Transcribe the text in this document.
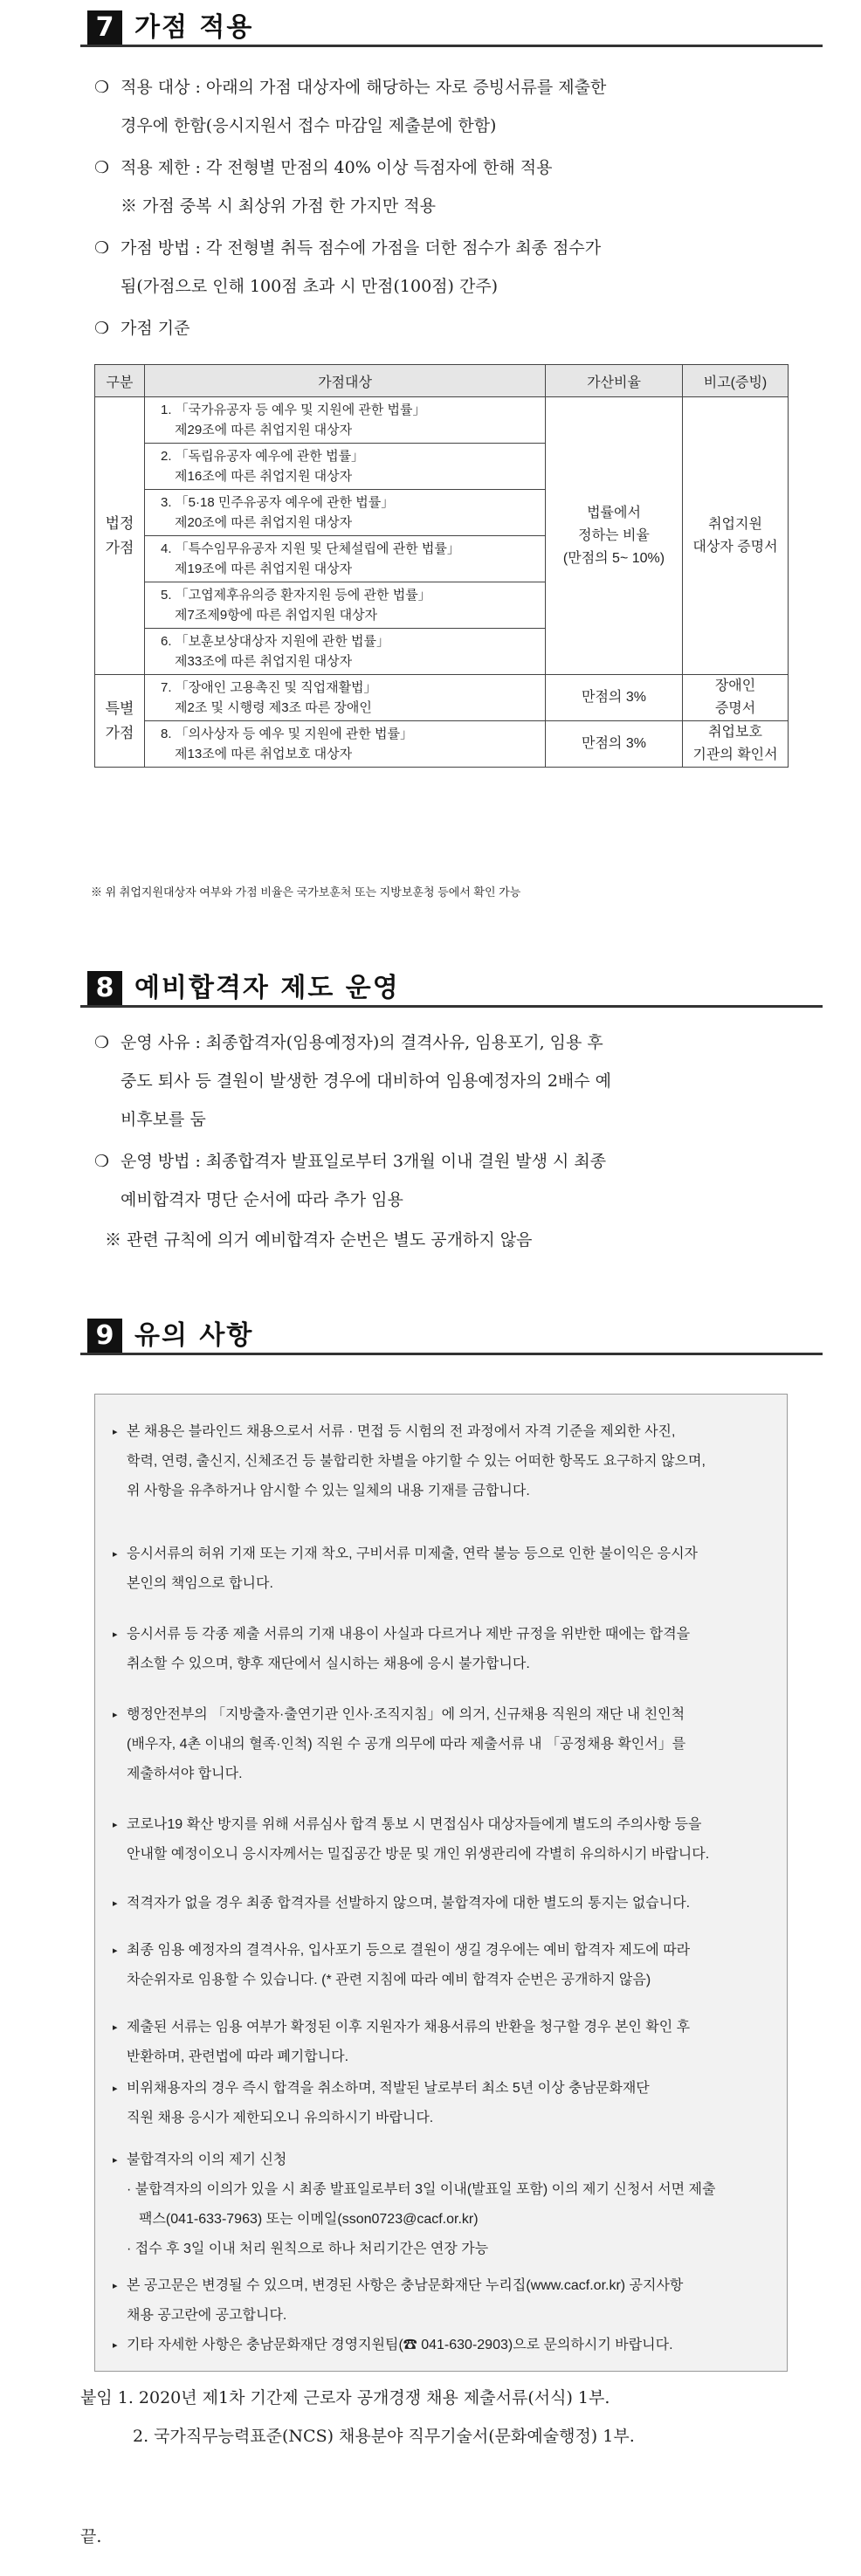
7 가점 적용
❍ 적용 대상 : 아래의 가점 대상자에 해당하는 자로 증빙서류를 제출한
경우에 한함(응시지원서 접수 마감일 제출분에 한함)
❍ 적용 제한 : 각 전형별 만점의 40% 이상 득점자에 한해 적용
※ 가점 중복 시 최상위 가점 한 가지만 적용
❍ 가점 방법 : 각 전형별 취득 점수에 가점을 더한 점수가 최종 점수가
됨(가점으로 인해 100점 초과 시 만점(100점) 간주)
❍ 가점 기준
구분	가점대상	가산비율	비고(증빙)
법정
가점	1. 「국가유공자 등 예우 및 지원에 관한 법률」
제29조에 따른 취업지원 대상자	법률에서
정하는 비율
(만점의 5~ 10%)	취업지원
대상자 증명서

	2. 「독립유공자 예우에 관한 법률」
제16조에 따른 취업지원 대상자		

	3. 「5·18 민주유공자 예우에 관한 법률」
제20조에 따른 취업지원 대상자		

	4. 「특수임무유공자 지원 및 단체설립에 관한 법률」
제19조에 따른 취업지원 대상자		

	5. 「고엽제후유의증 환자지원 등에 관한 법률」
제7조제9항에 따른 취업지원 대상자		

	6. 「보훈보상대상자 지원에 관한 법률」
제33조에 따른 취업지원 대상자		

특별
가점	7. 「장애인 고용촉진 및 직업재활법」
제2조 및 시행령 제3조 따른 장애인	만점의 3%	장애인
증명서

	8. 「의사상자 등 예우 및 지원에 관한 법률」
제13조에 따른 취업보호 대상자	만점의 3%	취업보호
기관의 확인서
※ 위 취업지원대상자 여부와 가점 비율은 국가보훈처 또는 지방보훈청 등에서 확인 가능
8 예비합격자 제도 운영
❍ 운영 사유 : 최종합격자(임용예정자)의 결격사유, 임용포기, 임용 후
중도 퇴사 등 결원이 발생한 경우에 대비하여 임용예정자의 2배수 예
비후보를 둠
❍ 운영 방법 : 최종합격자 발표일로부터 3개월 이내 결원 발생 시 최종
예비합격자 명단 순서에 따라 추가 임용
※ 관련 규칙에 의거 예비합격자 순번은 별도 공개하지 않음
9 유의 사항
▸ 본 채용은 블라인드 채용으로서 서류 · 면접 등 시험의 전 과정에서 자격 기준을 제외한 사진,
학력, 연령, 출신지, 신체조건 등 불합리한 차별을 야기할 수 있는 어떠한 항목도 요구하지 않으며,
위 사항을 유추하거나 암시할 수 있는 일체의 내용 기재를 금합니다.
▸ 응시서류의 허위 기재 또는 기재 착오, 구비서류 미제출, 연락 불능 등으로 인한 불이익은 응시자
본인의 책임으로 합니다.
▸ 응시서류 등 각종 제출 서류의 기재 내용이 사실과 다르거나 제반 규정을 위반한 때에는 합격을
취소할 수 있으며, 향후 재단에서 실시하는 채용에 응시 불가합니다.
▸ 행정안전부의 「지방출자·출연기관 인사·조직지침」에 의거, 신규채용 직원의 재단 내 친인척
(배우자, 4촌 이내의 혈족·인척) 직원 수 공개 의무에 따라 제출서류 내 「공정채용 확인서」를
제출하셔야 합니다.
▸ 코로나19 확산 방지를 위해 서류심사 합격 통보 시 면접심사 대상자들에게 별도의 주의사항 등을
안내할 예정이오니 응시자께서는 밀집공간 방문 및 개인 위생관리에 각별히 유의하시기 바랍니다.
▸ 적격자가 없을 경우 최종 합격자를 선발하지 않으며, 불합격자에 대한 별도의 통지는 없습니다.
▸ 최종 임용 예정자의 결격사유, 입사포기 등으로 결원이 생길 경우에는 예비 합격자 제도에 따라
차순위자로 임용할 수 있습니다. (* 관련 지침에 따라 예비 합격자 순번은 공개하지 않음)
▸ 제출된 서류는 임용 여부가 확정된 이후 지원자가 채용서류의 반환을 청구할 경우 본인 확인 후
반환하며, 관련법에 따라 폐기합니다.
▸ 비위채용자의 경우 즉시 합격을 취소하며, 적발된 날로부터 최소 5년 이상 충남문화재단
직원 채용 응시가 제한되오니 유의하시기 바랍니다.
▸ 불합격자의 이의 제기 신청
· 불합격자의 이의가 있을 시 최종 발표일로부터 3일 이내(발표일 포함) 이의 제기 신청서 서면 제출
팩스(041-633-7963) 또는 이메일(sson0723@cacf.or.kr)
· 접수 후 3일 이내 처리 원칙으로 하나 처리기간은 연장 가능
▸ 본 공고문은 변경될 수 있으며, 변경된 사항은 충남문화재단 누리집(www.cacf.or.kr) 공지사항
채용 공고란에 공고합니다.
▸ 기타 자세한 사항은 충남문화재단 경영지원팀(☎ 041-630-2903)으로 문의하시기 바랍니다.
붙임 1. 2020년 제1차 기간제 근로자 공개경쟁 채용 제출서류(서식) 1부.
2. 국가직무능력표준(NCS) 채용분야 직무기술서(문화예술행정) 1부.
끝.
